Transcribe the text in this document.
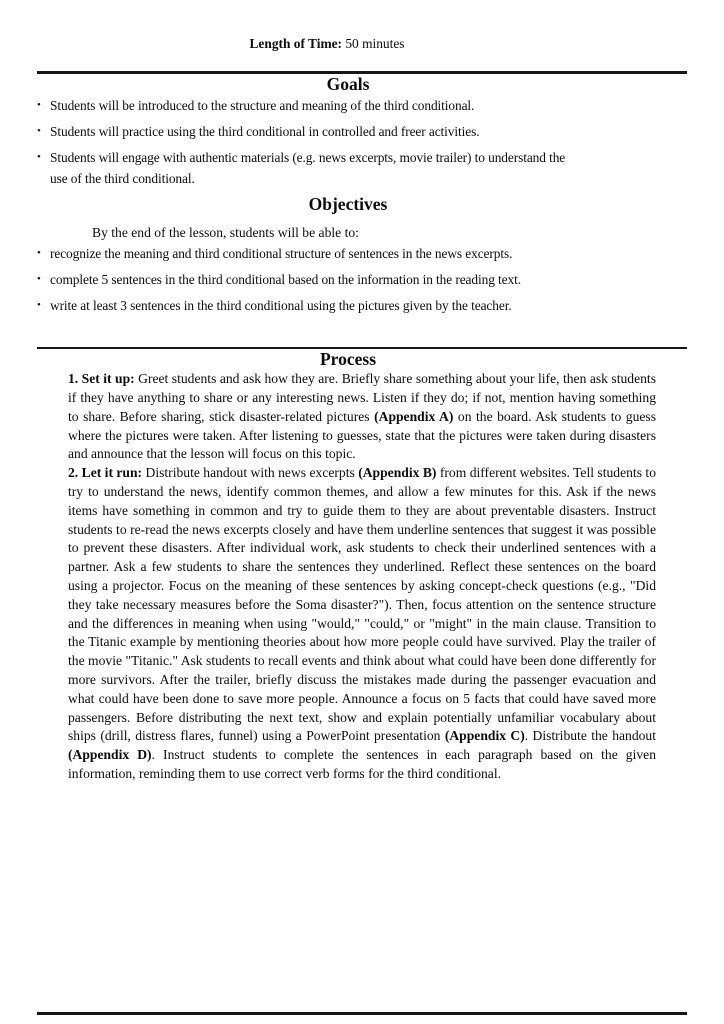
Length of Time: 50 minutes
Goals
• Students will be introduced to the structure and meaning of the third conditional.
• Students will practice using the third conditional in controlled and freer activities.
• Students will engage with authentic materials (e.g. news excerpts, movie trailer) to understand the use of the third conditional.
Objectives
By the end of the lesson, students will be able to:
• recognize the meaning and third conditional structure of sentences in the news excerpts.
• complete 5 sentences in the third conditional based on the information in the reading text.
• write at least 3 sentences in the third conditional using the pictures given by the teacher.
Process

1. Set it up: Greet students and ask how they are. Briefly share something about your life, then ask students if they have anything to share or any interesting news. Listen if they do; if not, mention having something to share. Before sharing, stick disaster-related pictures (Appendix A) on the board. Ask students to guess where the pictures were taken. After listening to guesses, state that the pictures were taken during disasters and announce that the lesson will focus on this topic.

2. Let it run: Distribute handout with news excerpts (Appendix B) from different websites. Tell students to try to understand the news, identify common themes, and allow a few minutes for this. Ask if the news items have something in common and try to guide them to they are about preventable disasters. Instruct students to re-read the news excerpts closely and have them underline sentences that suggest it was possible to prevent these disasters. After individual work, ask students to check their underlined sentences with a partner. Ask a few students to share the sentences they underlined. Reflect these sentences on the board using a projector. Focus on the meaning of these sentences by asking concept-check questions (e.g., "Did they take necessary measures before the Soma disaster?"). Then, focus attention on the sentence structure and the differences in meaning when using "would," "could," or "might" in the main clause. Transition to the Titanic example by mentioning theories about how more people could have survived. Play the trailer of the movie "Titanic." Ask students to recall events and think about what could have been done differently for more survivors. After the trailer, briefly discuss the mistakes made during the passenger evacuation and what could have been done to save more people. Announce a focus on 5 facts that could have saved more passengers. Before distributing the next text, show and explain potentially unfamiliar vocabulary about ships (drill, distress flares, funnel) using a PowerPoint presentation (Appendix C). Distribute the handout (Appendix D). Instruct students to complete the sentences in each paragraph based on the given information, reminding them to use correct verb forms for the third conditional.
